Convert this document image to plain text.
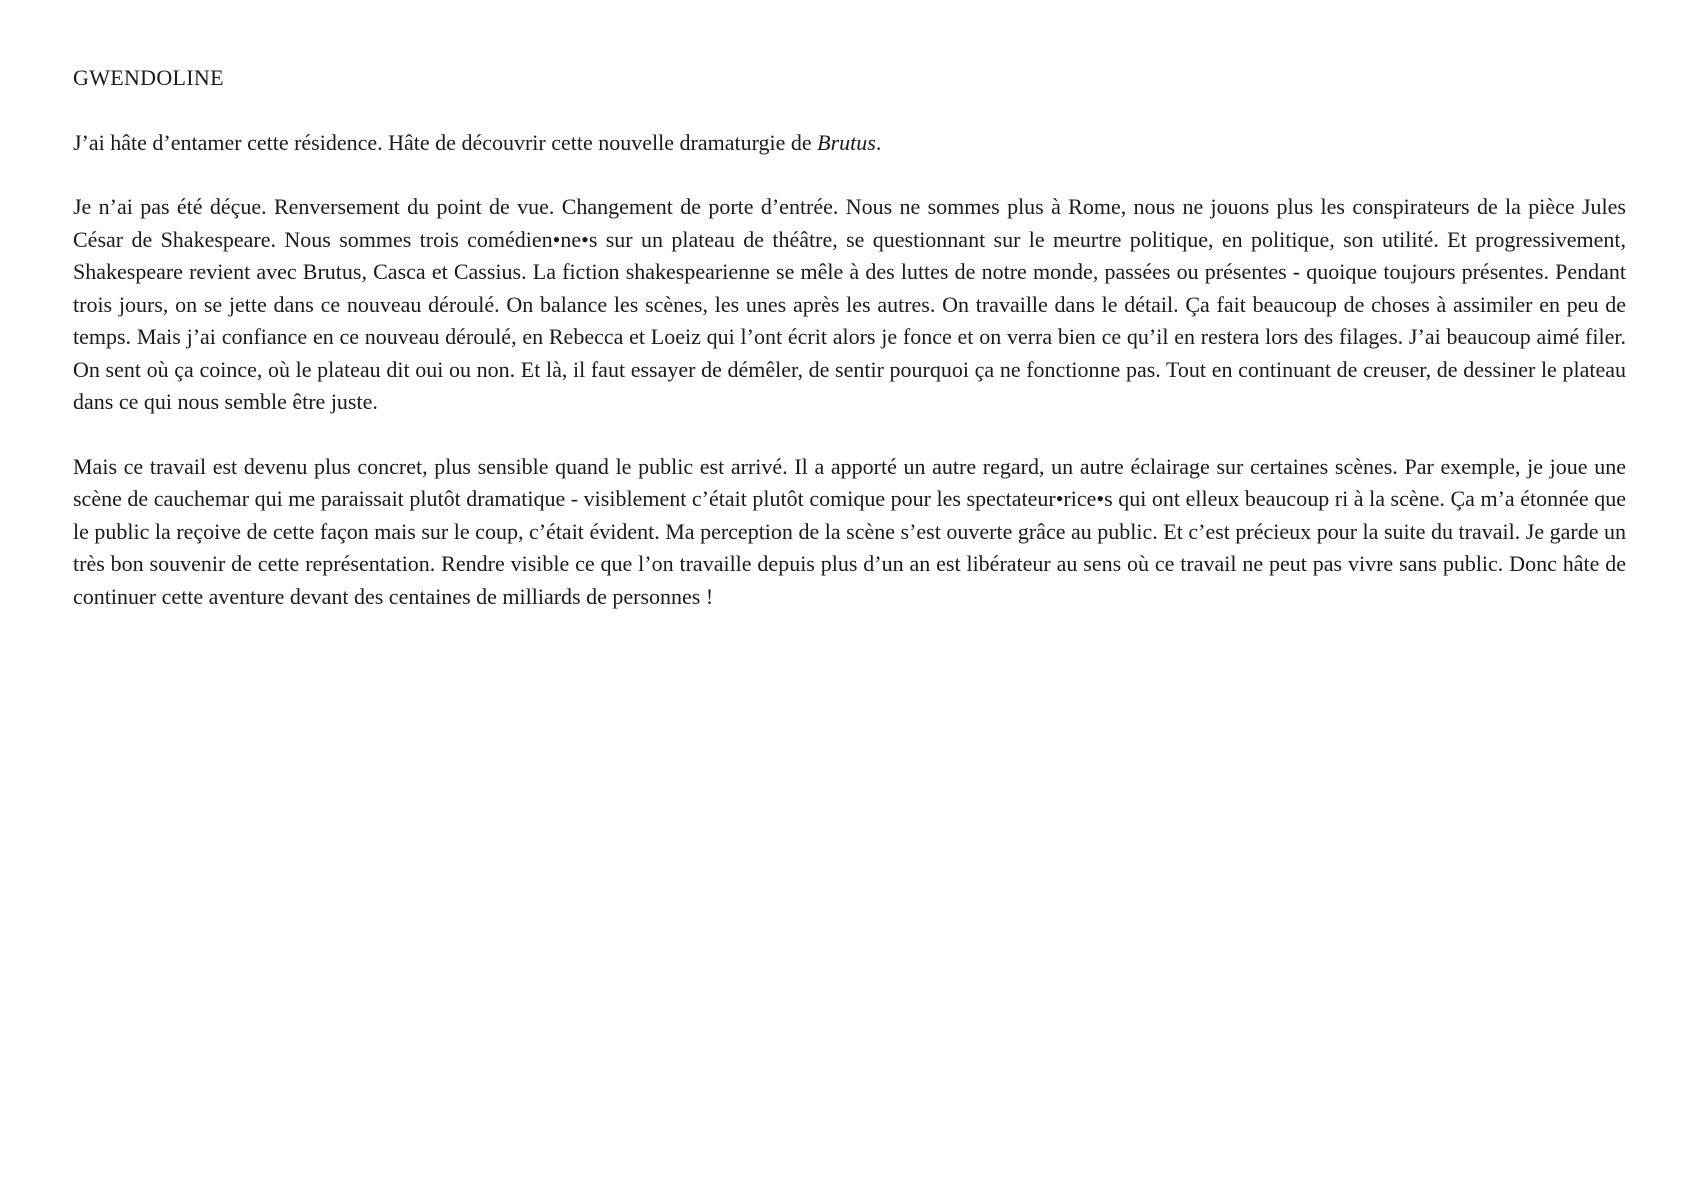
GWENDOLINE

J’ai hâte d’entamer cette résidence. Hâte de découvrir cette nouvelle dramaturgie de Brutus.

Je n’ai pas été déçue. Renversement du point de vue. Changement de porte d’entrée. Nous ne sommes plus à Rome, nous ne jouons plus les conspirateurs de la pièce Jules César de Shakespeare. Nous sommes trois comédien•ne•s sur un plateau de théâtre, se questionnant sur le meurtre politique, en politique, son utilité. Et progressivement, Shakespeare revient avec Brutus, Casca et Cassius. La fiction shakespearienne se mêle à des luttes de notre monde, passées ou présentes - quoique toujours présentes. Pendant trois jours, on se jette dans ce nouveau déroulé. On balance les scènes, les unes après les autres. On travaille dans le détail. Ça fait beaucoup de choses à assimiler en peu de temps. Mais j’ai confiance en ce nouveau déroulé, en Rebecca et Loeiz qui l’ont écrit alors je fonce et on verra bien ce qu’il en restera lors des filages. J’ai beaucoup aimé filer. On sent où ça coince, où le plateau dit oui ou non. Et là, il faut essayer de démêler, de sentir pourquoi ça ne fonctionne pas. Tout en continuant de creuser, de dessiner le plateau dans ce qui nous semble être juste.

Mais ce travail est devenu plus concret, plus sensible quand le public est arrivé. Il a apporté un autre regard, un autre éclairage sur certaines scènes. Par exemple, je joue une scène de cauchemar qui me paraissait plutôt dramatique - visiblement c’était plutôt comique pour les spectateur•rice•s qui ont elleux beaucoup ri à la scène. Ça m’a étonnée que le public la reçoive de cette façon mais sur le coup, c’était évident. Ma perception de la scène s’est ouverte grâce au public. Et c’est précieux pour la suite du travail. Je garde un très bon souvenir de cette représentation. Rendre visible ce que l’on travaille depuis plus d’un an est libérateur au sens où ce travail ne peut pas vivre sans public. Donc hâte de continuer cette aventure devant des centaines de milliards de personnes !
